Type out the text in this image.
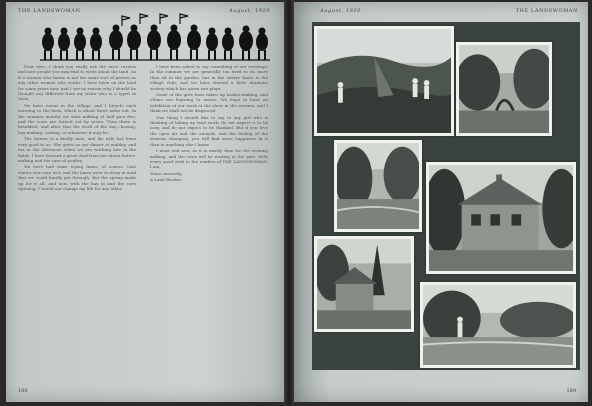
THE LANDSWOMAN	August, 1920

Dear sirs,—I think you really ask the most curious and nice people you may find to write about the land. As if a woman who farms is not the same sort of person as any other woman who works. I have been on the land for some years now, and I see no reason why I should be thought any different from my sister who is a typist in town.

We have rooms in the village, and I bicycle each morning to the farm, which is about three miles out. In the summer months we start milking at half past five, and the cows are turned out by seven. Then there is breakfast, and after that the work of the day—hoeing, hay-making, carting, or whatever it may be.

The farmer is a kindly man, and his wife has been very good to us. She gives us our dinner at midday, and tea in the afternoon when we are working late in the fields. I have learned a great deal from her about butter-making and the care of poultry.

We have had some trying times, of course. Last winter was very wet, and the lanes were so deep in mud that we could hardly get through. But the spring made up for it all, and now, with the hay in and the corn ripening, I would not change my life for any other.

I have been asked to say something of our evenings. In the summer we are generally too tired to do more than sit in the garden, but in the winter there is the village club, and we have started a little dramatic society which has given two plays.

Some of the girls have taken up basket-making, and others are learning to weave. We hope to have an exhibition of our work at the show in the autumn, and I think we shall not be disgraced.

One thing I should like to say to any girl who is thinking of taking up land work: do not expect it to be easy, and do not expect to be thanked. But if you love the open air and the animals, and the feeling of the seasons changing, you will find more happiness in it than in anything else I know.

I must end now, as it is nearly time for the evening milking, and the cows will be waiting at the gate. With every good wish to the readers of THE LANDSWOMAN, I am,

Yours sincerely,

A Land Worker.

188
August, 1920	THE LANDSWOMAN
189
